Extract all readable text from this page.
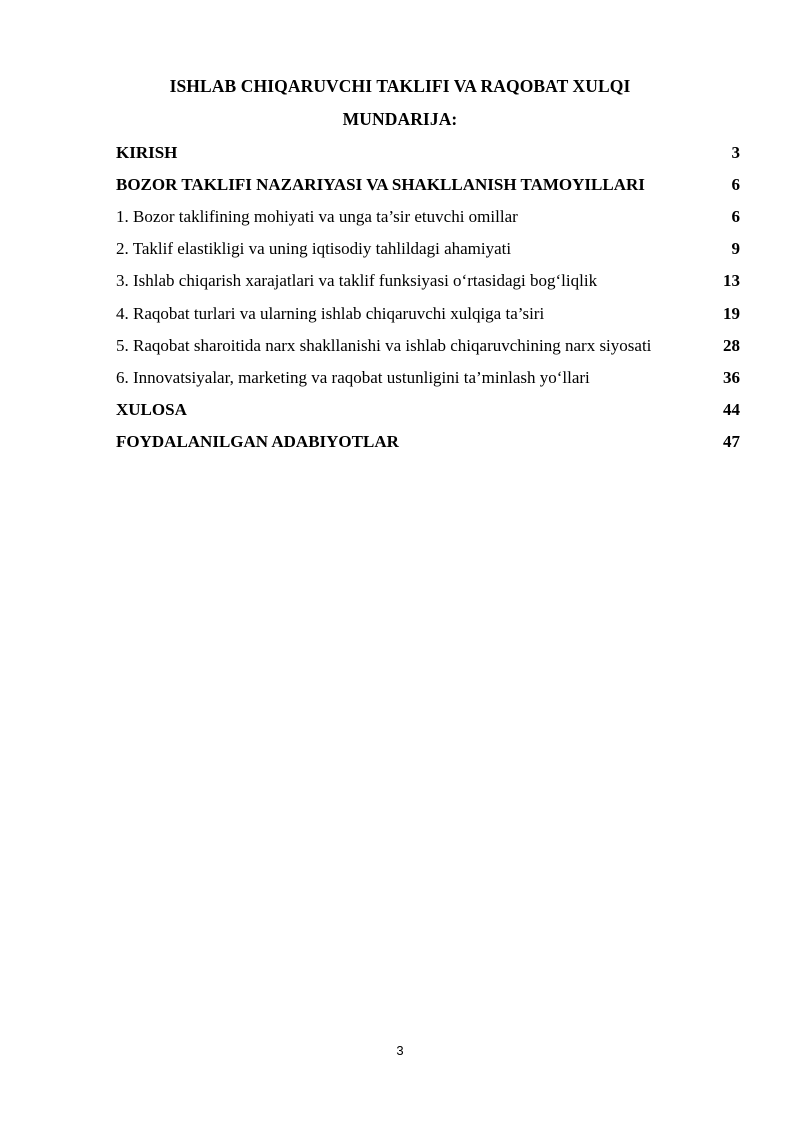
ISHLAB CHIQARUVCHI TAKLIFI VA RAQOBAT XULQI
MUNDARIJA:
KIRISH	3
BOZOR TAKLIFI NAZARIYASI VA SHAKLLANISH TAMOYILLARI	6
1. Bozor taklifining mohiyati va unga ta’sir etuvchi omillar	6
2. Taklif elastikligi va uning iqtisodiy tahlildagi ahamiyati	9
3. Ishlab chiqarish xarajatlari va taklif funksiyasi o‘rtasidagi bog‘liqlik	13
4. Raqobat turlari va ularning ishlab chiqaruvchi xulqiga ta’siri	19
5. Raqobat sharoitida narx shakllanishi va ishlab chiqaruvchining narx siyosati	28
6. Innovatsiyalar, marketing va raqobat ustunligini ta’minlash yo‘llari	36
XULOSA	44
FOYDALANILGAN ADABIYOTLAR	47
3
